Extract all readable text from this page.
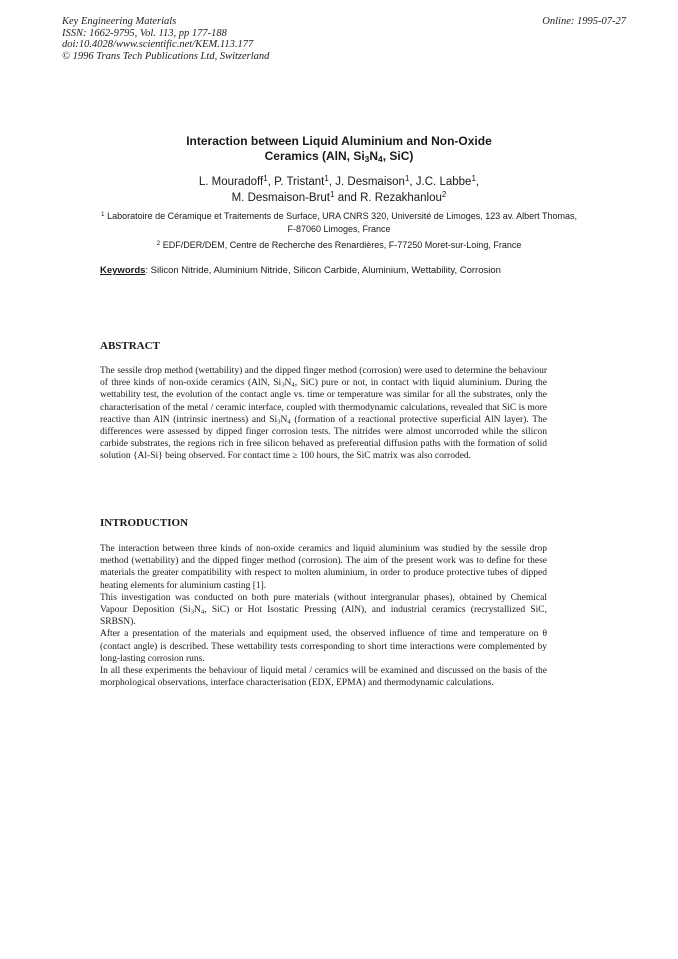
Key Engineering Materials
ISSN: 1662-9795, Vol. 113, pp 177-188
doi:10.4028/www.scientific.net/KEM.113.177
© 1996 Trans Tech Publications Ltd, Switzerland
Online: 1995-07-27
Interaction between Liquid Aluminium and Non-Oxide
Ceramics (AlN, $Si_3N_4$, SiC)
L. Mouradoff$^1$, P. Tristant$^1$, J. Desmaison$^1$, J.C. Labbe$^1$,
M. Desmaison-Brut$^1$ and R. Rezakhanlou$^2$
$^1$ Laboratoire de Céramique et Traitements de Surface, URA CNRS 320, Université de Limoges, 123 av. Albert Thomas, F-87060 Limoges, France
$^2$ EDF/DER/DEM, Centre de Recherche des Renardières, F-77250 Moret-sur-Loing, France
Keywords: Silicon Nitride, Aluminium Nitride, Silicon Carbide, Aluminium, Wettability, Corrosion
ABSTRACT
The sessile drop method (wettability) and the dipped finger method (corrosion) were used to determine the behaviour of three kinds of non-oxide ceramics (AlN, $Si_3N_4$, SiC) pure or not, in contact with liquid aluminium. During the wettability test, the evolution of the contact angle vs. time or temperature was similar for all the substrates, only the characterisation of the metal / ceramic interface, coupled with thermodynamic calculations, revealed that SiC is more reactive than AlN (intrinsic inertness) and $Si_3N_4$ (formation of a reactional protective superficial AlN layer). The differences were assessed by dipped finger corrosion tests. The nitrides were almost uncorroded while the silicon carbide substrates, the regions rich in free silicon behaved as preferential diffusion paths with the formation of solid solution {Al-Si} being observed. For contact time ≥ 100 hours, the SiC matrix was also corroded.
INTRODUCTION

The interaction between three kinds of non-oxide ceramics and liquid aluminium was studied by the sessile drop method (wettability) and the dipped finger method (corrosion). The aim of the present work was to define for these materials the greater compatibility with respect to molten aluminium, in order to produce protective tubes of dipped heating elements for aluminium casting [1].

This investigation was conducted on both pure materials (without intergranular phases), obtained by Chemical Vapour Deposition ($Si_3N_4$, SiC) or Hot Isostatic Pressing (AlN), and industrial ceramics (recrystallized SiC, SRBSN).

After a presentation of the materials and equipment used, the observed influence of time and temperature on θ (contact angle) is described. These wettability tests corresponding to short time interactions were complemented by long-lasting corrosion runs.

In all these experiments the behaviour of liquid metal / ceramics will be examined and discussed on the basis of the morphological observations, interface characterisation (EDX, EPMA) and thermodynamic calculations.
